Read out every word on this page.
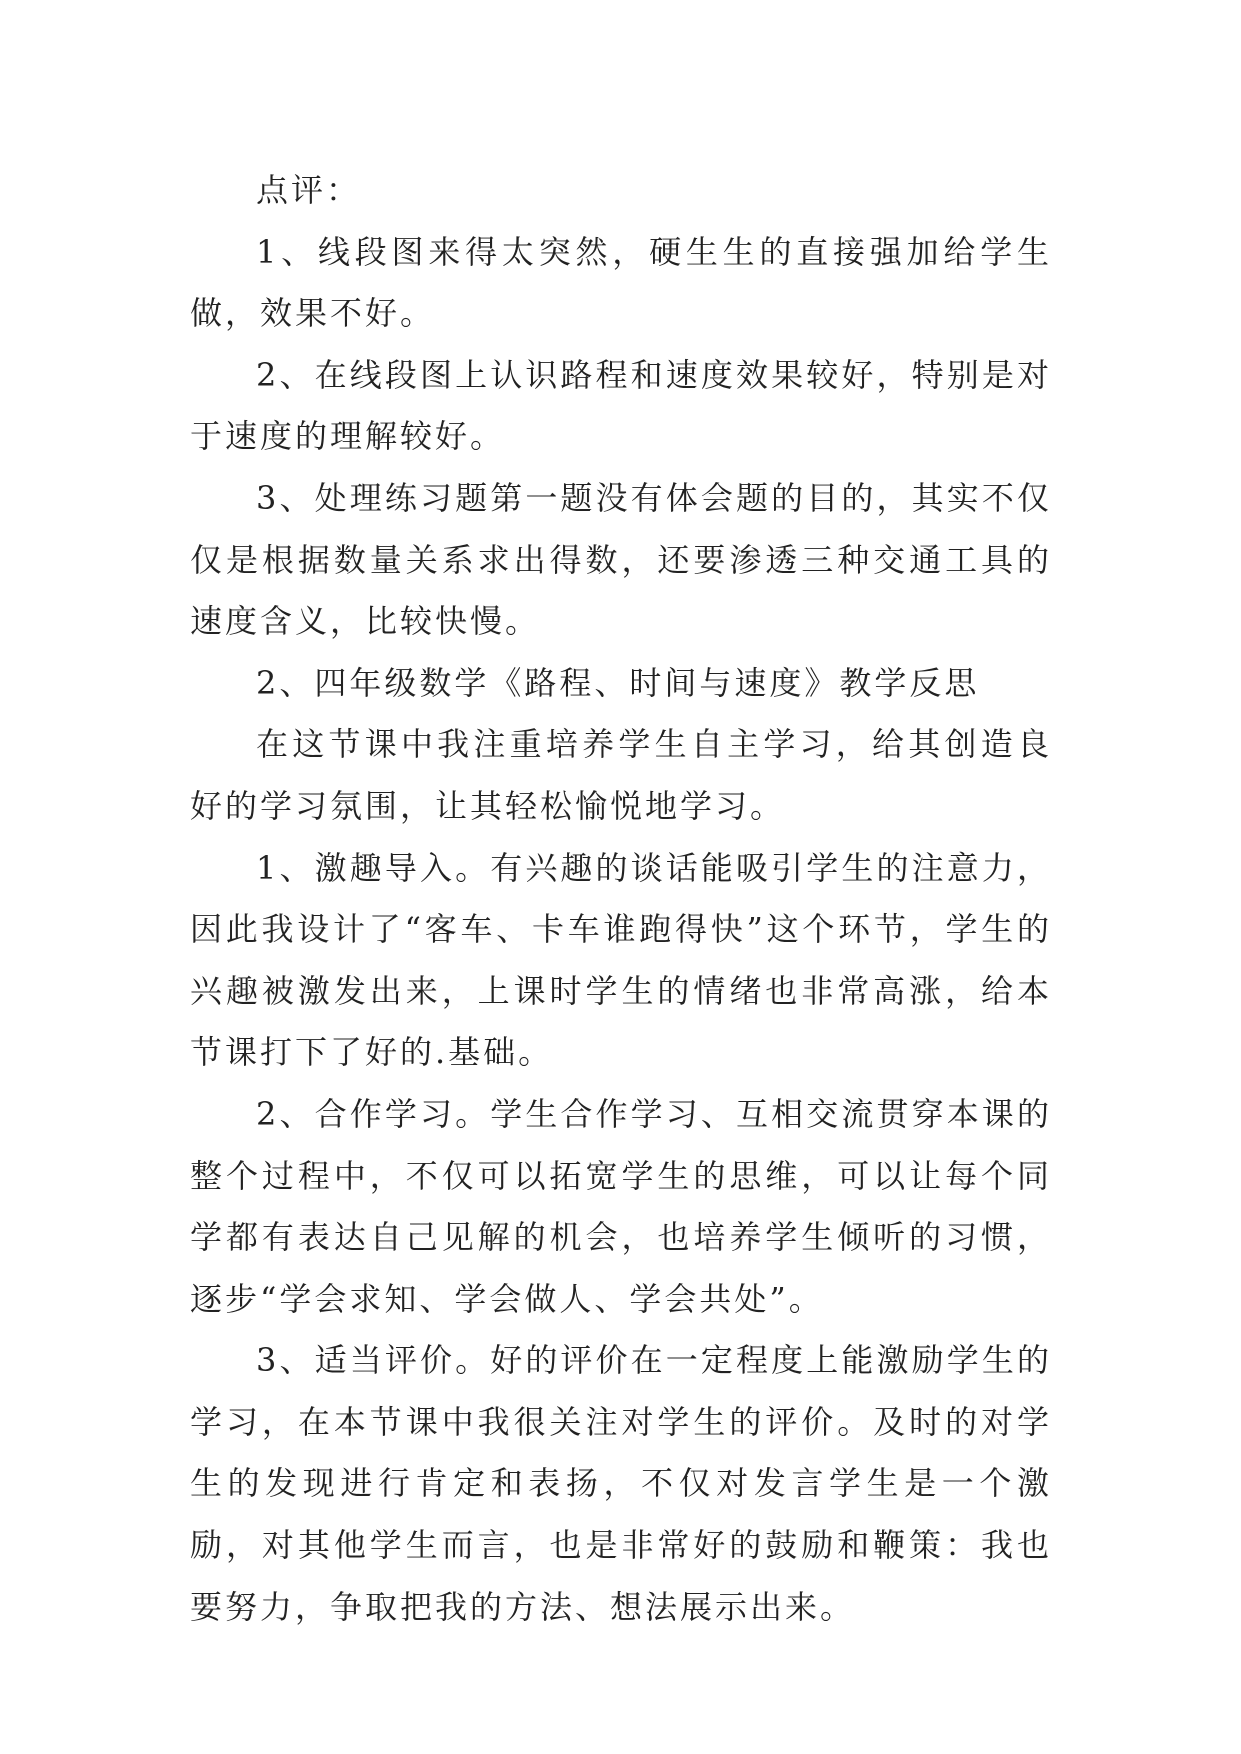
点评：

1、线段图来得太突然，硬生生的直接强加给学生做，效果不好。

2、在线段图上认识路程和速度效果较好，特别是对于速度的理解较好。

3、处理练习题第一题没有体会题的目的，其实不仅仅是根据数量关系求出得数，还要渗透三种交通工具的速度含义，比较快慢。

2、四年级数学《路程、时间与速度》教学反思

在这节课中我注重培养学生自主学习，给其创造良好的学习氛围，让其轻松愉悦地学习。

1、激趣导入。有兴趣的谈话能吸引学生的注意力，因此我设计了“客车、卡车谁跑得快”这个环节，学生的兴趣被激发出来，上课时学生的情绪也非常高涨，给本节课打下了好的.基础。

2、合作学习。学生合作学习、互相交流贯穿本课的整个过程中，不仅可以拓宽学生的思维，可以让每个同学都有表达自己见解的机会，也培养学生倾听的习惯，逐步“学会求知、学会做人、学会共处”。

3、适当评价。好的评价在一定程度上能激励学生的学习，在本节课中我很关注对学生的评价。及时的对学生的发现进行肯定和表扬，不仅对发言学生是一个激励，对其他学生而言，也是非常好的鼓励和鞭策：我也要努力，争取把我的方法、想法展示出来。
